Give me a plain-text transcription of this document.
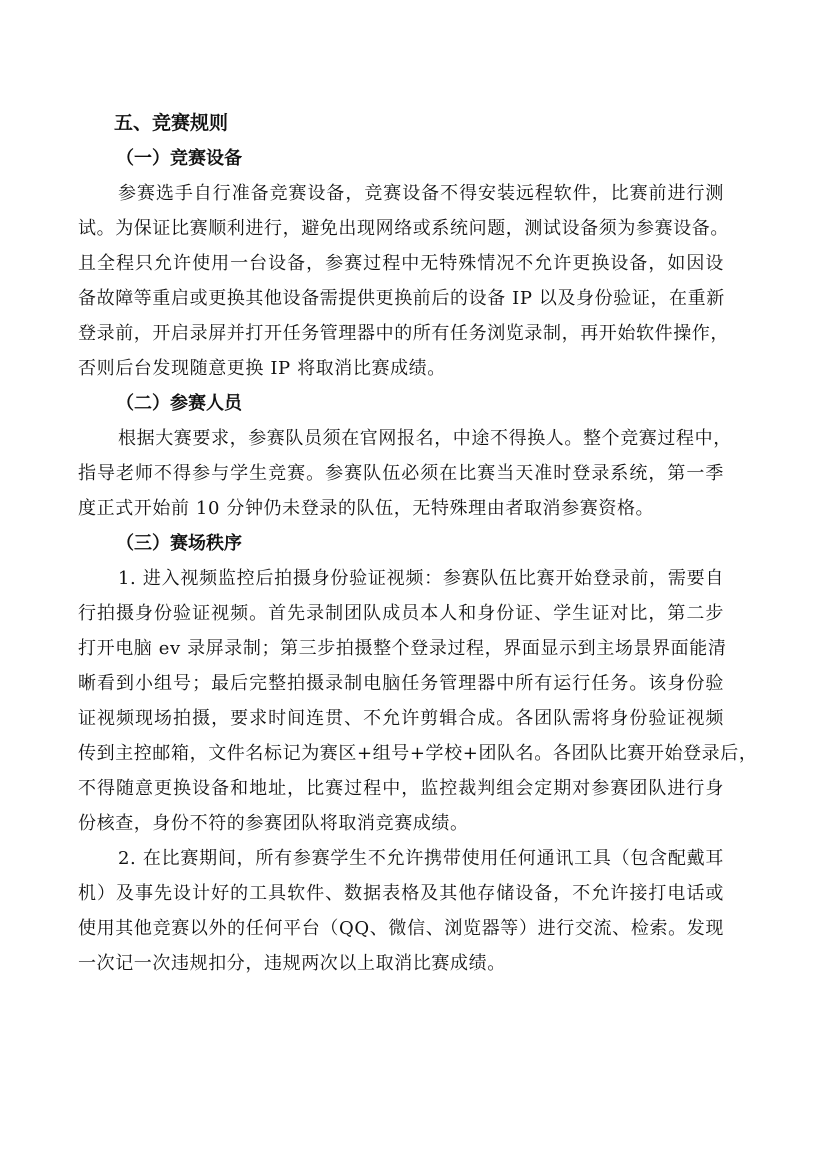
五、竞赛规则
（一）竞赛设备
参赛选手自行准备竞赛设备，竞赛设备不得安装远程软件，比赛前进行测
试。为保证比赛顺利进行，避免出现网络或系统问题，测试设备须为参赛设备。
且全程只允许使用一台设备，参赛过程中无特殊情况不允许更换设备，如因设
备故障等重启或更换其他设备需提供更换前后的设备 IP 以及身份验证，在重新
登录前，开启录屏并打开任务管理器中的所有任务浏览录制，再开始软件操作，
否则后台发现随意更换 IP 将取消比赛成绩。
（二）参赛人员
根据大赛要求，参赛队员须在官网报名，中途不得换人。整个竞赛过程中，
指导老师不得参与学生竞赛。参赛队伍必须在比赛当天准时登录系统，第一季
度正式开始前 10 分钟仍未登录的队伍，无特殊理由者取消参赛资格。
（三）赛场秩序
1. 进入视频监控后拍摄身份验证视频：参赛队伍比赛开始登录前，需要自
行拍摄身份验证视频。首先录制团队成员本人和身份证、学生证对比，第二步
打开电脑 ev 录屏录制；第三步拍摄整个登录过程，界面显示到主场景界面能清
晰看到小组号；最后完整拍摄录制电脑任务管理器中所有运行任务。该身份验
证视频现场拍摄，要求时间连贯、不允许剪辑合成。各团队需将身份验证视频
传到主控邮箱，文件名标记为赛区+组号+学校+团队名。各团队比赛开始登录后，
不得随意更换设备和地址，比赛过程中，监控裁判组会定期对参赛团队进行身
份核查，身份不符的参赛团队将取消竞赛成绩。
2. 在比赛期间，所有参赛学生不允许携带使用任何通讯工具（包含配戴耳
机）及事先设计好的工具软件、数据表格及其他存储设备，不允许接打电话或
使用其他竞赛以外的任何平台（QQ、微信、浏览器等）进行交流、检索。发现
一次记一次违规扣分，违规两次以上取消比赛成绩。
